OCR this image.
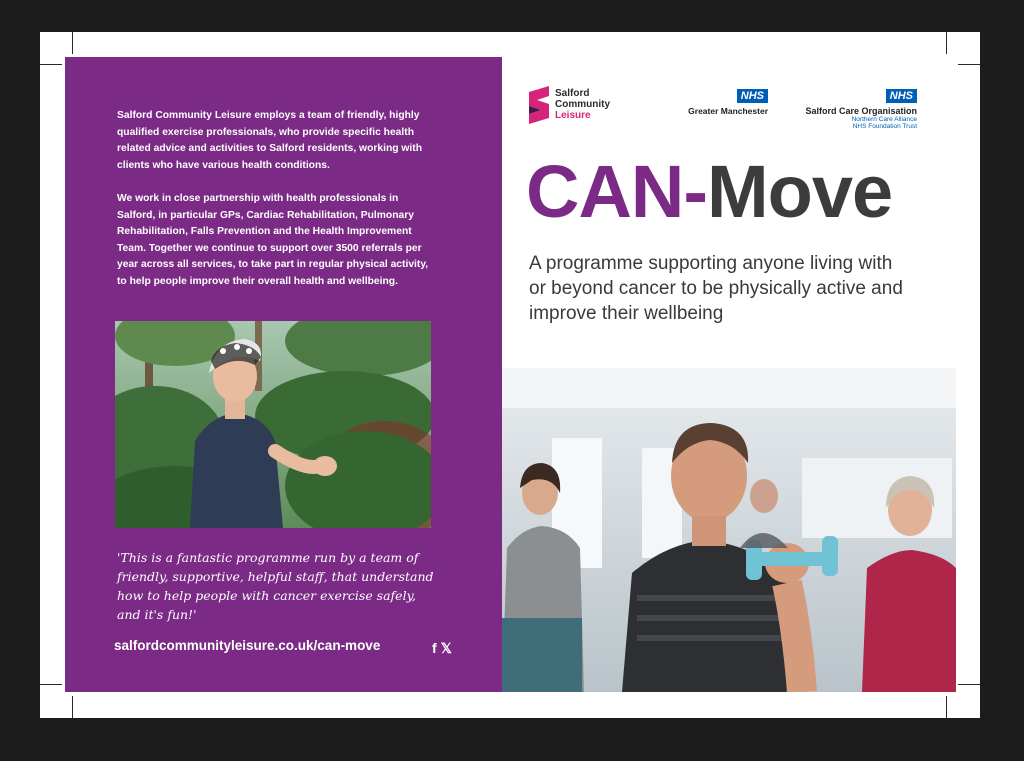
Salford Community Leisure employs a team of friendly, highly qualified exercise professionals, who provide specific health related advice and activities to Salford residents, working with clients who have various health conditions.

We work in close partnership with health professionals in Salford, in particular GPs, Cardiac Rehabilitation, Pulmonary Rehabilitation, Falls Prevention and the Health Improvement Team. Together we continue to support over 3500 referrals per year across all services, to take part in regular physical activity, to help people improve their overall health and wellbeing.

'This is a fantastic programme run by a team of friendly, supportive, helpful staff, that understand how to help people with cancer exercise safely, and it's fun!'
salfordcommunityleisure.co.uk/can-move	f𝕏
Salford
Community
Leisure
NHS
Greater Manchester
NHS
Salford Care Organisation
Northern Care Alliance
NHS Foundation Trust
CAN-Move
A programme supporting anyone living with or beyond cancer to be physically active and improve their wellbeing
